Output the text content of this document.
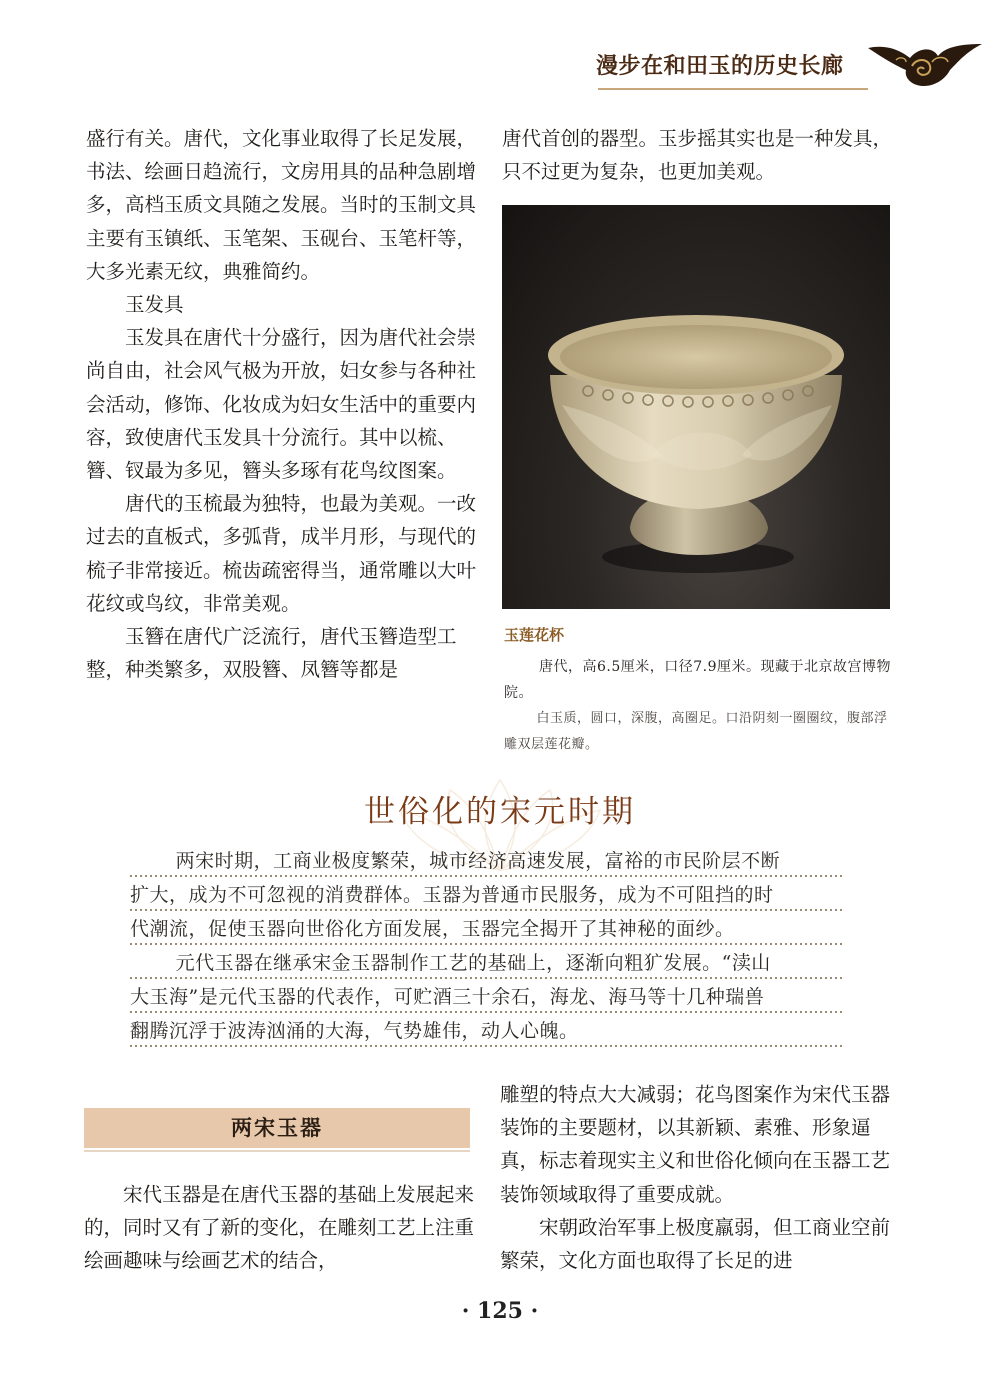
漫步在和田玉的历史长廊

盛行有关。唐代，文化事业取得了长足发展，书法、绘画日趋流行，文房用具的品种急剧增多，高档玉质文具随之发展。当时的玉制文具主要有玉镇纸、玉笔架、玉砚台、玉笔杆等，大多光素无纹，典雅简约。

玉发具

玉发具在唐代十分盛行，因为唐代社会崇尚自由，社会风气极为开放，妇女参与各种社会活动，修饰、化妆成为妇女生活中的重要内容，致使唐代玉发具十分流行。其中以梳、簪、钗最为多见，簪头多琢有花鸟纹图案。

唐代的玉梳最为独特，也最为美观。一改过去的直板式，多弧背，成半月形，与现代的梳子非常接近。梳齿疏密得当，通常雕以大叶花纹或鸟纹，非常美观。

玉簪在唐代广泛流行，唐代玉簪造型工整，种类繁多，双股簪、凤簪等都是

唐代首创的器型。玉步摇其实也是一种发具，只不过更为复杂，也更加美观。

玉莲花杯
唐代，高6.5厘米，口径7.9厘米。现藏于北京故宫博物院。
白玉质，圆口，深腹，高圈足。口沿阴刻一圈圈纹，腹部浮雕双层莲花瓣。
世俗化的宋元时期

两宋时期，工商业极度繁荣，城市经济高速发展，富裕的市民阶层不断
扩大，成为不可忽视的消费群体。玉器为普通市民服务，成为不可阻挡的时
代潮流，促使玉器向世俗化方面发展，玉器完全揭开了其神秘的面纱。

元代玉器在继承宋金玉器制作工艺的基础上，逐渐向粗犷发展。“渎山
大玉海”是元代玉器的代表作，可贮酒三十余石，海龙、海马等十几种瑞兽
翻腾沉浮于波涛汹涌的大海，气势雄伟，动人心魄。

两宋玉器

宋代玉器是在唐代玉器的基础上发展起来的，同时又有了新的变化，在雕刻工艺上注重绘画趣味与绘画艺术的结合，

雕塑的特点大大减弱；花鸟图案作为宋代玉器装饰的主要题材，以其新颖、素雅、形象逼真，标志着现实主义和世俗化倾向在玉器工艺装饰领域取得了重要成就。

宋朝政治军事上极度羸弱，但工商业空前繁荣，文化方面也取得了长足的进

· 125 ·
